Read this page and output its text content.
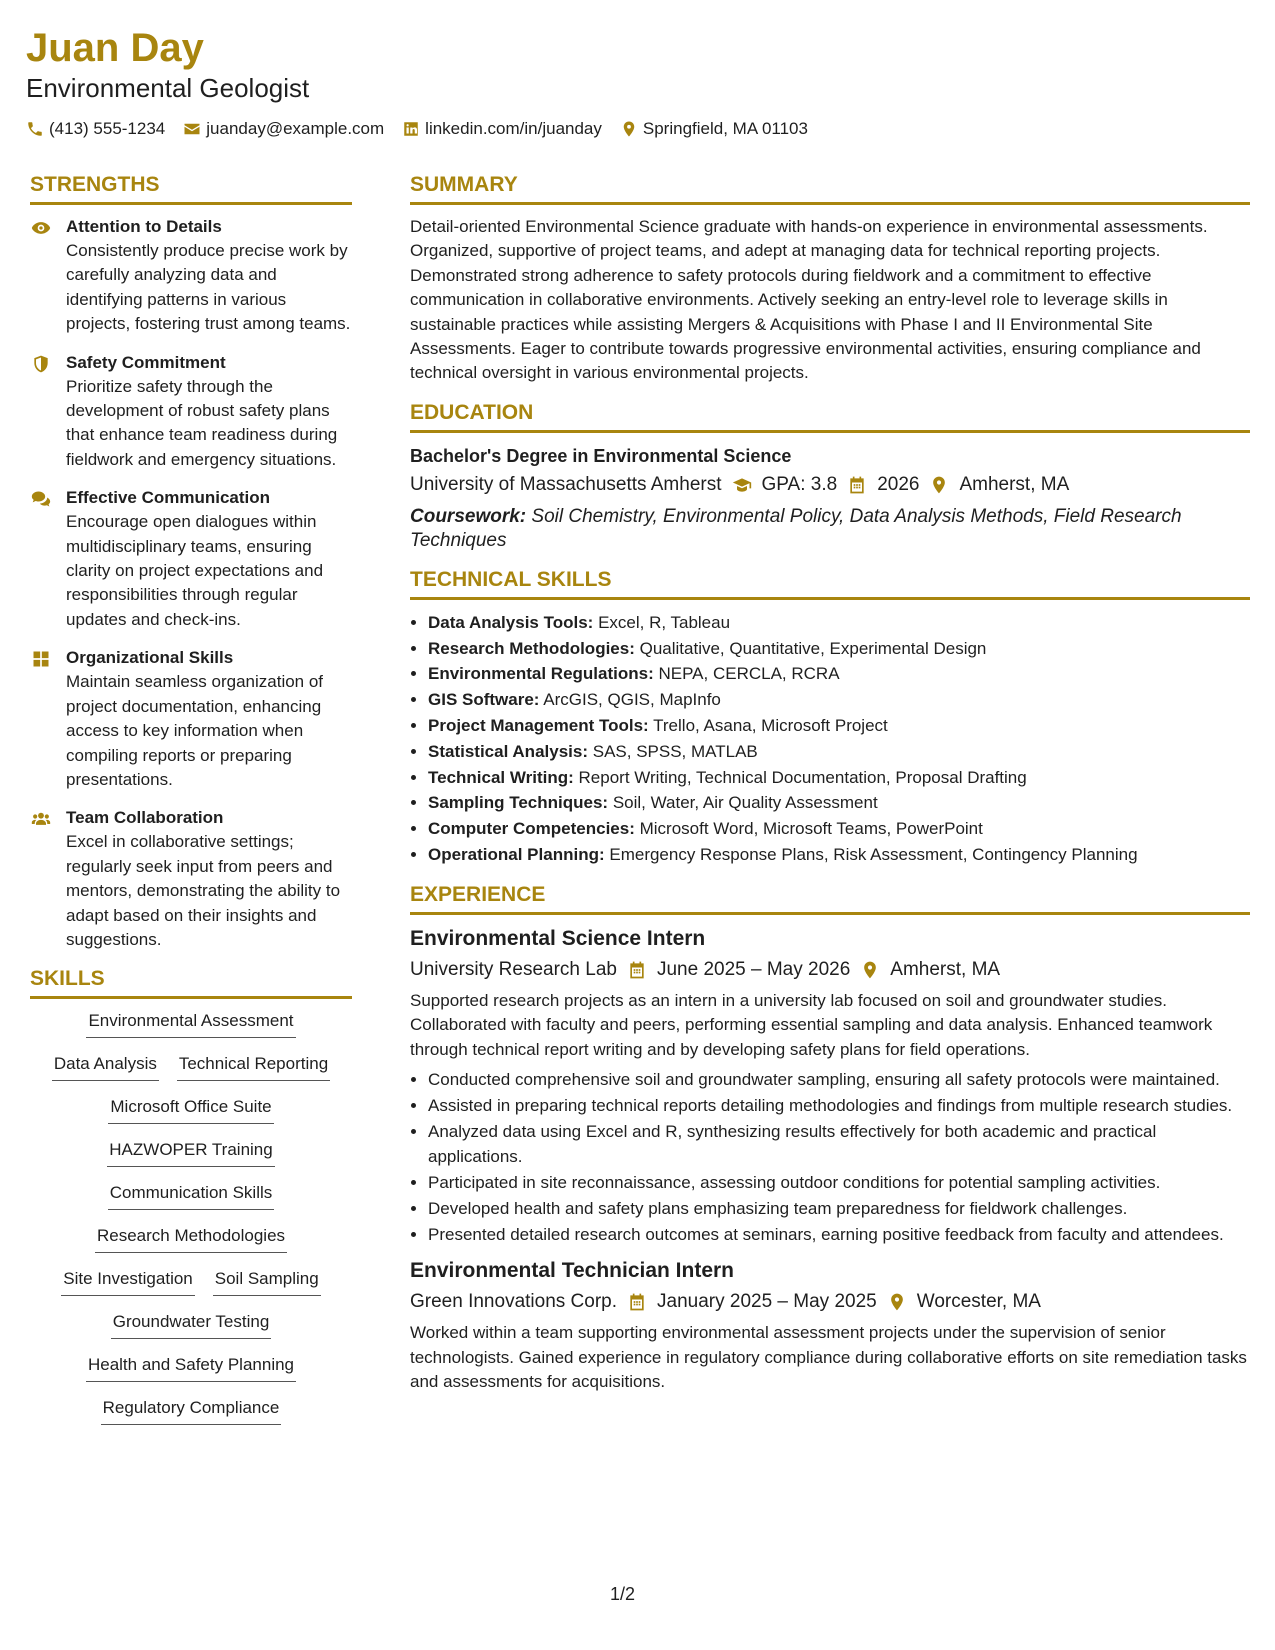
Juan Day
Environmental Geologist
(413) 555-1234 juanday@example.com linkedin.com/in/juanday Springfield, MA 01103
STRENGTHS
Attention to Details
Consistently produce precise work by carefully analyzing data and identifying patterns in various projects, fostering trust among teams.
Safety Commitment
Prioritize safety through the development of robust safety plans that enhance team readiness during fieldwork and emergency situations.
Effective Communication
Encourage open dialogues within multidisciplinary teams, ensuring clarity on project expectations and responsibilities through regular updates and check-ins.
Organizational Skills
Maintain seamless organization of project documentation, enhancing access to key information when compiling reports or preparing presentations.
Team Collaboration
Excel in collaborative settings; regularly seek input from peers and mentors, demonstrating the ability to adapt based on their insights and suggestions.
SKILLS
Environmental Assessment
Data Analysis Technical Reporting
Microsoft Office Suite
HAZWOPER Training
Communication Skills
Research Methodologies
Site Investigation Soil Sampling
Groundwater Testing
Health and Safety Planning
Regulatory Compliance
SUMMARY

Detail-oriented Environmental Science graduate with hands-on experience in environmental assessments. Organized, supportive of project teams, and adept at managing data for technical reporting projects. Demonstrated strong adherence to safety protocols during fieldwork and a commitment to effective communication in collaborative environments. Actively seeking an entry-level role to leverage skills in sustainable practices while assisting Mergers & Acquisitions with Phase I and II Environmental Site Assessments. Eager to contribute towards progressive environmental activities, ensuring compliance and technical oversight in various environmental projects.

EDUCATION
Bachelor's Degree in Environmental Science
University of Massachusetts Amherst GPA: 3.8 2026 Amherst, MA
Coursework: Soil Chemistry, Environmental Policy, Data Analysis Methods, Field Research Techniques
TECHNICAL SKILLS
• Data Analysis Tools: Excel, R, Tableau
• Research Methodologies: Qualitative, Quantitative, Experimental Design
• Environmental Regulations: NEPA, CERCLA, RCRA
• GIS Software: ArcGIS, QGIS, MapInfo
• Project Management Tools: Trello, Asana, Microsoft Project
• Statistical Analysis: SAS, SPSS, MATLAB
• Technical Writing: Report Writing, Technical Documentation, Proposal Drafting
• Sampling Techniques: Soil, Water, Air Quality Assessment
• Computer Competencies: Microsoft Word, Microsoft Teams, PowerPoint
• Operational Planning: Emergency Response Plans, Risk Assessment, Contingency Planning
EXPERIENCE
Environmental Science Intern
University Research Lab June 2025 – May 2026 Amherst, MA

Supported research projects as an intern in a university lab focused on soil and groundwater studies. Collaborated with faculty and peers, performing essential sampling and data analysis. Enhanced teamwork through technical report writing and by developing safety plans for field operations.

• Conducted comprehensive soil and groundwater sampling, ensuring all safety protocols were maintained.
• Assisted in preparing technical reports detailing methodologies and findings from multiple research studies.
• Analyzed data using Excel and R, synthesizing results effectively for both academic and practical applications.
• Participated in site reconnaissance, assessing outdoor conditions for potential sampling activities.
• Developed health and safety plans emphasizing team preparedness for fieldwork challenges.
• Presented detailed research outcomes at seminars, earning positive feedback from faculty and attendees.
Environmental Technician Intern
Green Innovations Corp. January 2025 – May 2025 Worcester, MA

Worked within a team supporting environmental assessment projects under the supervision of senior technologists. Gained experience in regulatory compliance during collaborative efforts on site remediation tasks and assessments for acquisitions.

1/2
